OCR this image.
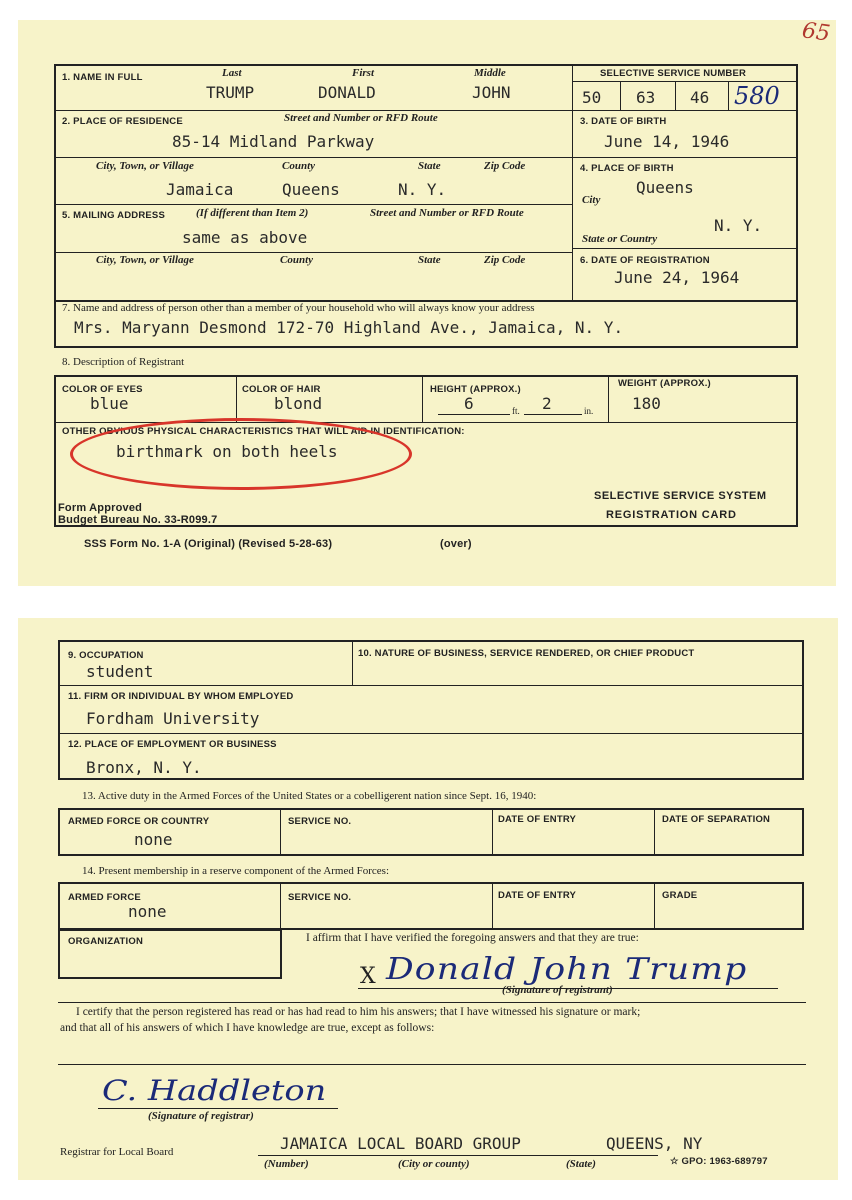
65
1. NAME IN FULL	Last	First	Middle
TRUMP	DONALD	JOHN
SELECTIVE SERVICE NUMBER
50 63 46 580
2. PLACE OF RESIDENCE	Street and Number or RFD Route
85-14 Midland Parkway
City, Town, or Village	County	State	Zip Code
Jamaica	Queens	N. Y.
3. DATE OF BIRTH
June 14, 1946
4. PLACE OF BIRTH
City
Queens
N. Y.
State or Country
5. MAILING ADDRESS	(If different than Item 2)	Street and Number or RFD Route
same as above
City, Town, or Village	County	State	Zip Code	6. DATE OF REGISTRATION
June 24, 1964
7. Name and address of person other than a member of your household who will always know your address
Mrs. Maryann Desmond 172-70 Highland Ave., Jamaica, N. Y.
8. Description of Registrant
COLOR OF EYES
blue
COLOR OF HAIR
blond
HEIGHT (APPROX.)
6	ft. 2	in.
WEIGHT (APPROX.)
180
OTHER OBVIOUS PHYSICAL CHARACTERISTICS THAT WILL AID IN IDENTIFICATION:
birthmark on both heels
Form Approved
Budget Bureau No. 33-R099.7
SELECTIVE SERVICE SYSTEM
REGISTRATION CARD
SSS Form No. 1-A (Original) (Revised 5-28-63)	(over)
9. OCCUPATION
student
10. NATURE OF BUSINESS, SERVICE RENDERED, OR CHIEF PRODUCT
11. FIRM OR INDIVIDUAL BY WHOM EMPLOYED
Fordham University
12. PLACE OF EMPLOYMENT OR BUSINESS
Bronx, N. Y.
13. Active duty in the Armed Forces of the United States or a cobelligerent nation since Sept. 16, 1940:
ARMED FORCE OR COUNTRY
none
SERVICE NO.	DATE OF ENTRY	DATE OF SEPARATION
14. Present membership in a reserve component of the Armed Forces:
ARMED FORCE
none
SERVICE NO.	DATE OF ENTRY	GRADE
ORGANIZATION	I affirm that I have verified the foregoing answers and that they are true:
X Donald John Trump
(Signature of registrant)
I certify that the person registered has read or has had read to him his answers; that I have witnessed his signature or mark;
and that all of his answers of which I have knowledge are true, except as follows:
C. Haddleton
(Signature of registrar)
Registrar for Local Board	JAMAICA LOCAL BOARD GROUP	QUEENS, NY
(Number)	(City or county)	(State)	☆ GPO: 1963-689797
